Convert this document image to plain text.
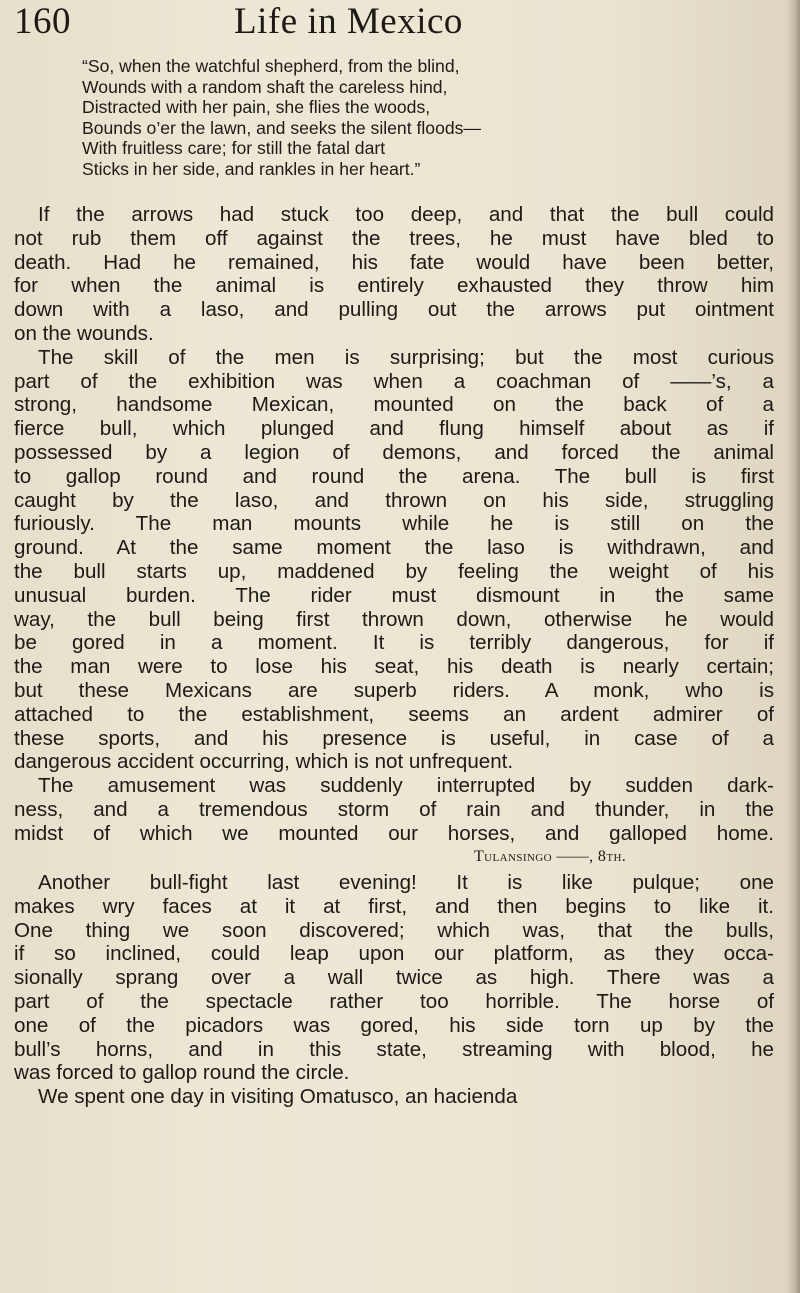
160	Life in Mexico
“So, when the watchful shepherd, from the blind,
Wounds with a random shaft the careless hind,
Distracted with her pain, she flies the woods,
Bounds o’er the lawn, and seeks the silent floods—
With fruitless care; for still the fatal dart
Sticks in her side, and rankles in her heart.”
If the arrows had stuck too deep, and that the bull could
not rub them off against the trees, he must have bled to
death. Had he remained, his fate would have been better,
for when the animal is entirely exhausted they throw him
down with a laso, and pulling out the arrows put ointment
on the wounds.
The skill of the men is surprising; but the most curious
part of the exhibition was when a coachman of ——’s, a
strong, handsome Mexican, mounted on the back of a
fierce bull, which plunged and flung himself about as if
possessed by a legion of demons, and forced the animal
to gallop round and round the arena. The bull is first
caught by the laso, and thrown on his side, struggling
furiously. The man mounts while he is still on the
ground. At the same moment the laso is withdrawn, and
the bull starts up, maddened by feeling the weight of his
unusual burden. The rider must dismount in the same
way, the bull being first thrown down, otherwise he would
be gored in a moment. It is terribly dangerous, for if
the man were to lose his seat, his death is nearly certain;
but these Mexicans are superb riders. A monk, who is
attached to the establishment, seems an ardent admirer of
these sports, and his presence is useful, in case of a
dangerous accident occurring, which is not unfrequent.
The amusement was suddenly interrupted by sudden dark-
ness, and a tremendous storm of rain and thunder, in the
midst of which we mounted our horses, and galloped home.
Tulansingo ——, 8th.
Another bull-fight last evening! It is like pulque; one
makes wry faces at it at first, and then begins to like it.
One thing we soon discovered; which was, that the bulls,
if so inclined, could leap upon our platform, as they occa-
sionally sprang over a wall twice as high. There was a
part of the spectacle rather too horrible. The horse of
one of the picadors was gored, his side torn up by the
bull’s horns, and in this state, streaming with blood, he
was forced to gallop round the circle.
We spent one day in visiting Omatusco, an hacienda
